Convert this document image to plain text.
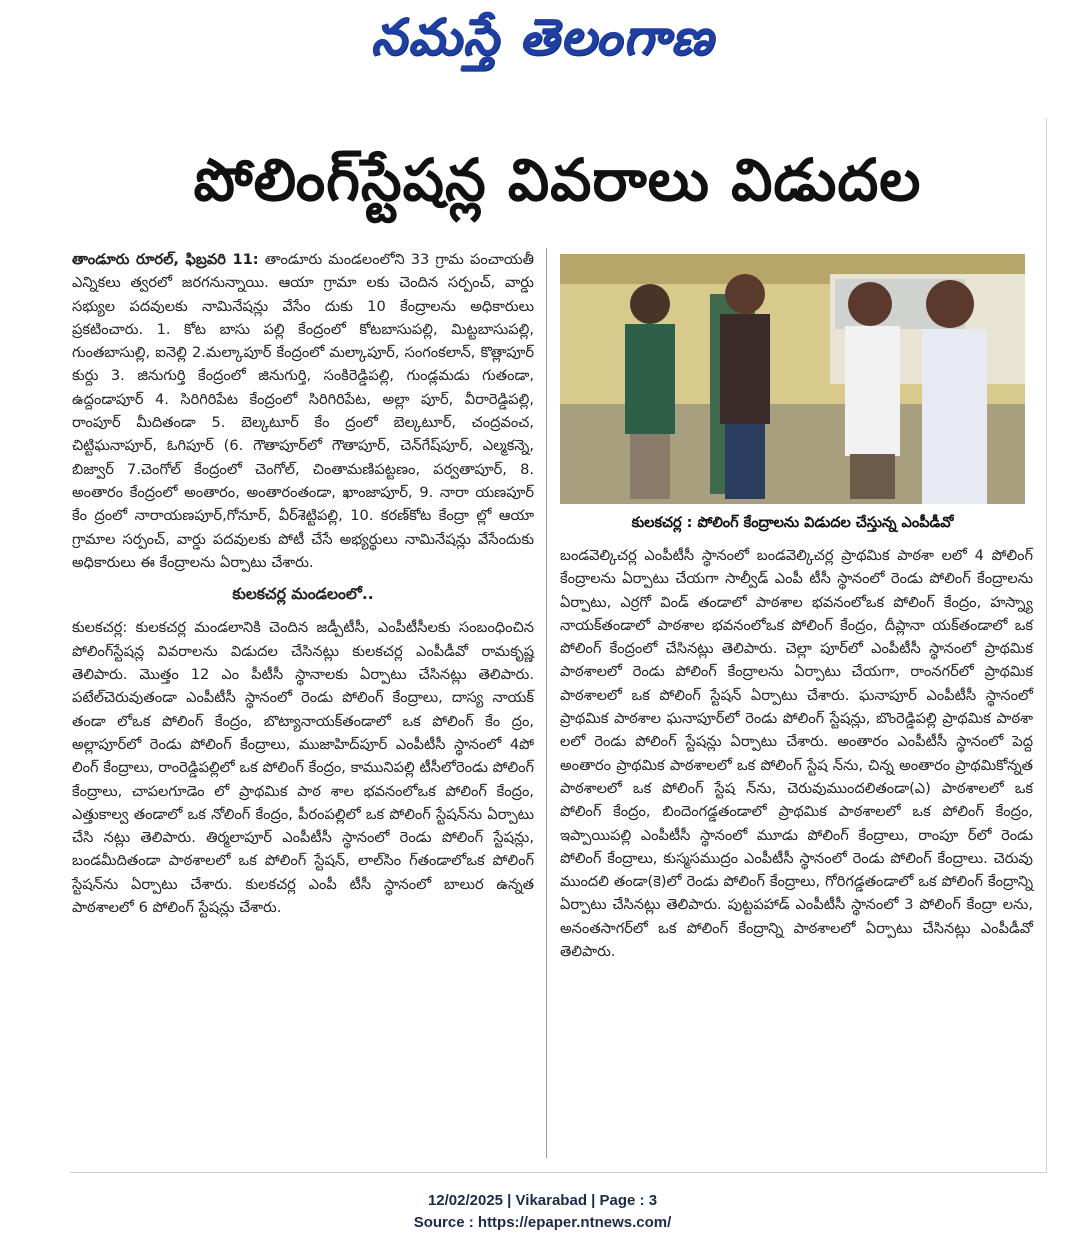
నమస్తే తెలంగాణ
పోలింగ్‌స్టేషన్ల వివరాలు విడుదల

తాండూరు రూరల్, ఫిబ్రవరి 11: తాండూరు మండలంలోని 33 గ్రామ పంచాయతీ ఎన్నికలు త్వరలో జరగనున్నాయి. ఆయా గ్రామా లకు చెందిన సర్పంచ్, వార్డు సభ్యుల పదవులకు నామినేషన్లు వేసేం దుకు 10 కేంద్రాలను అధికారులు ప్రకటించారు. 1. కోట బాసు పల్లి కేంద్రంలో కోటబాసుపల్లి, మిట్టబాసుపల్లి, గుంతబాసుల్లి, ఐనెల్లి 2.మల్కాపూర్ కేంద్రంలో మల్కాపూర్, సంగంకలాన్, కొత్లాపూర్ కుర్దు 3. జినుగుర్తి కేంద్రంలో జినుగుర్తి, సంకిరెడ్డిపల్లి, గుండ్లమడు గుతండా, ఉద్దండాపూర్ 4. సిరిగిరిపేట కేంద్రంలో సిరిగిరిపేట, అల్లా పూర్, వీరారెడ్డిపల్లి, రాంపూర్ మీదితండా 5. బెల్కటూర్ కేం ద్రంలో బెల్కటూర్, చంద్రవంచ, చిట్టిఘనాపూర్, ఓగిపూర్ (6. గౌతాపూర్‌లో గౌతాపూర్, చెన్‌గేష్‌పూర్, ఎల్మకన్నె, బిజ్వార్ 7.చెంగోల్ కేంద్రంలో చెంగోల్, చింతామణిపట్టణం, పర్వతాపూర్, 8. అంతారం కేంద్రంలో అంతారం, అంతారంతండా, ఖాంజాపూర్, 9. నారా యణపూర్ కేం ద్రంలో నారాయణపూర్,గోనూర్, వీర్‌శెట్టిపల్లి, 10. కరణ్‌కోట కేంద్రా ల్లో ఆయా గ్రామాల సర్పంచ్, వార్డు పదవులకు పోటీ చేసే అభ్యర్థులు నామినేషన్లు వేసేందుకు అధికారులు ఈ కేంద్రాలను ఏర్పాటు చేశారు.

కులకచర్ల మండలంలో..

కులకచర్ల: కులకచర్ల మండలానికి చెందిన జడ్పీటీసీ, ఎంపీటీసీలకు సంబంధించిన పోలింగ్‌స్టేషన్ల వివరాలను విడుదల చేసినట్లు కులకచర్ల ఎంపీడీవో రామకృష్ణ తెలిపారు. మొత్తం 12 ఎం పీటీసీ స్థానాలకు ఏర్పాటు చేసినట్లు తెలిపారు. పటేల్‌చెరువుతండా ఎంపీటీసీ స్థానంలో రెండు పోలింగ్ కేంద్రాలు, దాస్య నాయక్ తండా లోఒక పోలింగ్ కేంద్రం, బొట్యానాయక్‌తండాలో ఒక పోలింగ్ కేం ద్రం, అల్లాపూర్‌లో రెండు పోలింగ్ కేంద్రాలు, ముజాహిద్‌పూర్ ఎంపీటీసీ స్థానంలో 4పో లింగ్ కేంద్రాలు, రాంరెడ్డిపల్లిలో ఒక పోలింగ్ కేంద్రం, కామునిపల్లి టీసీలోరెండు పోలింగ్ కేంద్రాలు, చాపలగూడెం లో ప్రాథమిక పాఠ శాల భవనంలోఒక పోలింగ్ కేంద్రం, ఎత్తుకాల్వ తండాలో ఒక నోలింగ్ కేంద్రం, పీరంపల్లిలో ఒక పోలింగ్ స్టేషన్‌ను ఏర్పాటు చేసి నట్లు తెలిపారు. తిర్మలాపూర్ ఎంపీటీసీ స్థానంలో రెండు పోలింగ్ స్టేషన్లు, బండమీదితండా పాఠశాలలో ఒక పోలింగ్ స్టేషన్, లాల్‌సిం గ్‌తండాలోఒక పోలింగ్ స్టేషన్‌ను ఏర్పాటు చేశారు. కులకచర్ల ఎంపీ టీసీ స్థానంలో బాలుర ఉన్నత పాఠశాలలో 6 పోలింగ్ స్టేషన్లు చేశారు.

కులకచర్ల : పోలింగ్ కేంద్రాలను విడుదల చేస్తున్న ఎంపీడీవో

బండవెల్కిచర్ల ఎంపీటీసీ స్థానంలో బండవెల్కిచర్ల ప్రాథమిక పాఠశా లలో 4 పోలింగ్ కేంద్రాలను ఏర్పాటు చేయగా సాల్వీడ్ ఎంపీ టీసీ స్థానంలో రెండు పోలింగ్ కేంద్రాలను ఏర్పాటు, ఎర్రగో విండ్ తండాలో పాఠశాల భవనంలోఒక పోలింగ్ కేంద్రం, హస్న్యా నాయక్‌తండాలో పాఠశాల భవనంలోఒక పోలింగ్ కేంద్రం, దీప్లానా యక్‌తండాలో ఒక పోలింగ్ కేంద్రంలో చేసినట్లు తెలిపారు. చెల్లా పూర్‌లో ఎంపీటీసీ స్థానంలో ప్రాథమిక పాఠశాలలో రెండు పోలింగ్ కేంద్రాలను ఏర్పాటు చేయగా, రాంనగర్‌లో ప్రాథమిక పాఠశాలలో ఒక పోలింగ్ స్టేషన్ ఏర్పాటు చేశారు. ఘనాపూర్ ఎంపీటీసీ స్థానంలో ప్రాథమిక పాఠశాల ఘనాపూర్‌లో రెండు పోలింగ్ స్టేషన్లు, బొంరెడ్డిపల్లి ప్రాథమిక పాఠశా లలో రెండు పోలింగ్ స్టేషన్లు ఏర్పాటు చేశారు. అంతారం ఎంపీటీసీ స్థానంలో పెద్ద అంతారం ప్రాథమిక పాఠశాలలో ఒక పోలింగ్ స్టేష న్‌ను, చిన్న అంతారం ప్రాథమికోన్నత పాఠశాలలో ఒక పోలింగ్ స్టేష న్‌ను, చెరువుముందలితండా(ఎ) పాఠశాలలో ఒక పోలింగ్ కేంద్రం, బిందెంగడ్డతండాలో ప్రాథమిక పాఠశాలలో ఒక పోలింగ్ కేంద్రం, ఇప్పాయిపల్లి ఎంపీటీసీ స్థానంలో మూడు పోలింగ్ కేంద్రాలు, రాంపూ ర్‌లో రెండు పోలింగ్ కేంద్రాలు, కుస్మసముద్రం ఎంపీటీసీ స్థానంలో రెండు పోలింగ్ కేంద్రాలు. చెరువు ముందలి తండా(కె)లో రెండు పోలింగ్ కేంద్రాలు, గోరిగడ్డతండాలో ఒక పోలింగ్ కేంద్రాన్ని ఏర్పాటు చేసినట్లు తెలిపారు. పుట్టపహాడ్ ఎంపీటీసీ స్థానంలో 3 పోలింగ్ కేంద్రా లను, అనంతసాగర్‌లో ఒక పోలింగ్ కేంద్రాన్ని పాఠశాలలో ఏర్పాటు చేసినట్లు ఎంపీడీవో తెలిపారు.

12/02/2025 | Vikarabad | Page : 3
Source : https://epaper.ntnews.com/
